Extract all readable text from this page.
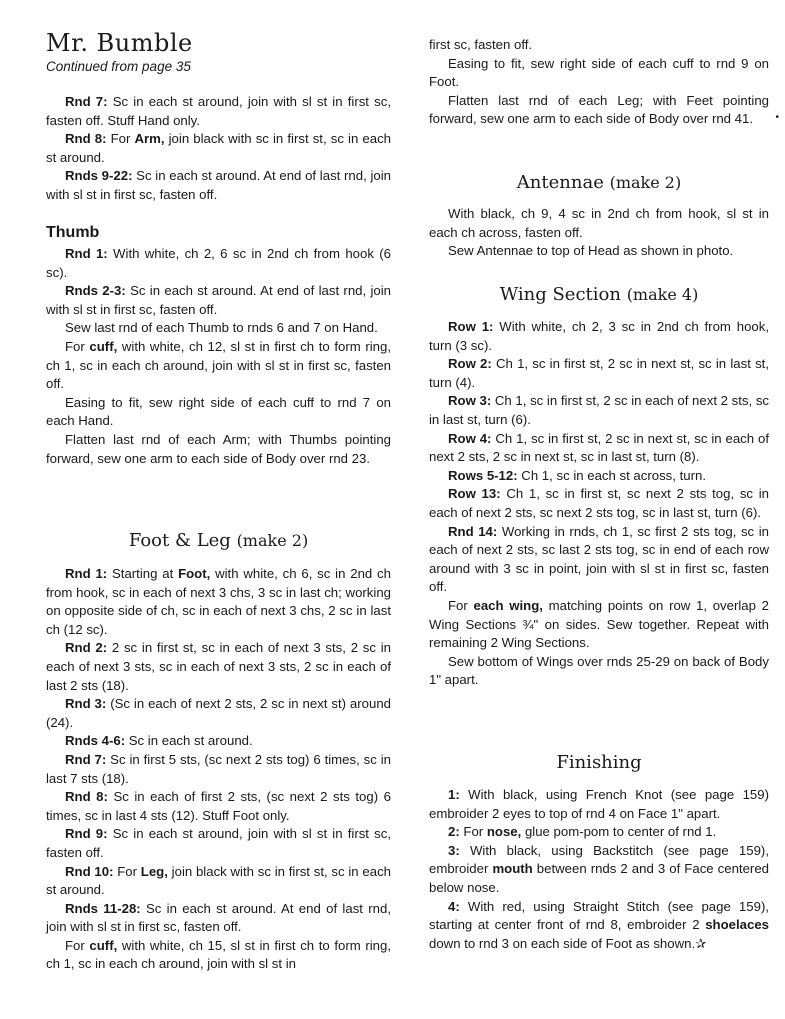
Mr. Bumble
Continued from page 35

Rnd 7: Sc in each st around, join with sl st in first sc, fasten off. Stuff Hand only.

Rnd 8: For Arm, join black with sc in first st, sc in each st around.

Rnds 9-22: Sc in each st around. At end of last rnd, join with sl st in first sc, fasten off.

Thumb

Rnd 1: With white, ch 2, 6 sc in 2nd ch from hook (6 sc).

Rnds 2-3: Sc in each st around. At end of last rnd, join with sl st in first sc, fasten off.

Sew last rnd of each Thumb to rnds 6 and 7 on Hand.

For cuff, with white, ch 12, sl st in first ch to form ring, ch 1, sc in each ch around, join with sl st in first sc, fasten off.

Easing to fit, sew right side of each cuff to rnd 7 on each Hand.

Flatten last rnd of each Arm; with Thumbs pointing forward, sew one arm to each side of Body over rnd 23.

Foot & Leg (make 2)

Rnd 1: Starting at Foot, with white, ch 6, sc in 2nd ch from hook, sc in each of next 3 chs, 3 sc in last ch; working on opposite side of ch, sc in each of next 3 chs, 2 sc in last ch (12 sc).

Rnd 2: 2 sc in first st, sc in each of next 3 sts, 2 sc in each of next 3 sts, sc in each of next 3 sts, 2 sc in each of last 2 sts (18).

Rnd 3: (Sc in each of next 2 sts, 2 sc in next st) around (24).

Rnds 4-6: Sc in each st around.

Rnd 7: Sc in first 5 sts, (sc next 2 sts tog) 6 times, sc in last 7 sts (18).

Rnd 8: Sc in each of first 2 sts, (sc next 2 sts tog) 6 times, sc in last 4 sts (12). Stuff Foot only.

Rnd 9: Sc in each st around, join with sl st in first sc, fasten off.

Rnd 10: For Leg, join black with sc in first st, sc in each st around.

Rnds 11-28: Sc in each st around. At end of last rnd, join with sl st in first sc, fasten off.

For cuff, with white, ch 15, sl st in first ch to form ring, ch 1, sc in each ch around, join with sl st in

first sc, fasten off.

Easing to fit, sew right side of each cuff to rnd 9 on Foot.

Flatten last rnd of each Leg; with Feet pointing forward, sew one arm to each side of Body over rnd 41.

Antennae (make 2)

With black, ch 9, 4 sc in 2nd ch from hook, sl st in each ch across, fasten off.

Sew Antennae to top of Head as shown in photo.

Wing Section (make 4)

Row 1: With white, ch 2, 3 sc in 2nd ch from hook, turn (3 sc).

Row 2: Ch 1, sc in first st, 2 sc in next st, sc in last st, turn (4).

Row 3: Ch 1, sc in first st, 2 sc in each of next 2 sts, sc in last st, turn (6).

Row 4: Ch 1, sc in first st, 2 sc in next st, sc in each of next 2 sts, 2 sc in next st, sc in last st, turn (8).

Rows 5-12: Ch 1, sc in each st across, turn.

Row 13: Ch 1, sc in first st, sc next 2 sts tog, sc in each of next 2 sts, sc next 2 sts tog, sc in last st, turn (6).

Rnd 14: Working in rnds, ch 1, sc first 2 sts tog, sc in each of next 2 sts, sc last 2 sts tog, sc in end of each row around with 3 sc in point, join with sl st in first sc, fasten off.

For each wing, matching points on row 1, overlap 2 Wing Sections ¾" on sides. Sew together. Repeat with remaining 2 Wing Sections.

Sew bottom of Wings over rnds 25-29 on back of Body 1" apart.

Finishing

1: With black, using French Knot (see page 159) embroider 2 eyes to top of rnd 4 on Face 1" apart.

2: For nose, glue pom-pom to center of rnd 1.

3: With black, using Backstitch (see page 159), embroider mouth between rnds 2 and 3 of Face centered below nose.

4: With red, using Straight Stitch (see page 159), starting at center front of rnd 8, embroider 2 shoelaces down to rnd 3 on each side of Foot as shown.✰

•
